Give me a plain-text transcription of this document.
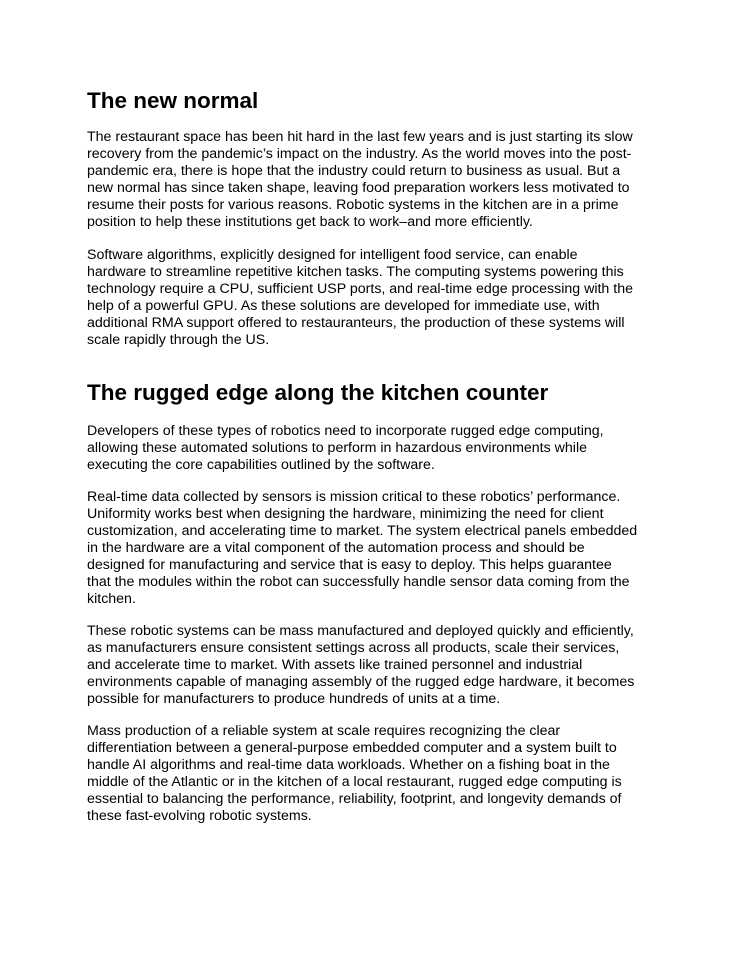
The new normal

The restaurant space has been hit hard in the last few years and is just starting its slow
recovery from the pandemic’s impact on the industry. As the world moves into the post-
pandemic era, there is hope that the industry could return to business as usual. But a
new normal has since taken shape, leaving food preparation workers less motivated to
resume their posts for various reasons. Robotic systems in the kitchen are in a prime
position to help these institutions get back to work–and more efficiently.

Software algorithms, explicitly designed for intelligent food service, can enable
hardware to streamline repetitive kitchen tasks. The computing systems powering this
technology require a CPU, sufficient USP ports, and real-time edge processing with the
help of a powerful GPU. As these solutions are developed for immediate use, with
additional RMA support offered to restauranteurs, the production of these systems will
scale rapidly through the US.

The rugged edge along the kitchen counter

Developers of these types of robotics need to incorporate rugged edge computing,
allowing these automated solutions to perform in hazardous environments while
executing the core capabilities outlined by the software.

Real-time data collected by sensors is mission critical to these robotics’ performance.
Uniformity works best when designing the hardware, minimizing the need for client
customization, and accelerating time to market. The system electrical panels embedded
in the hardware are a vital component of the automation process and should be
designed for manufacturing and service that is easy to deploy. This helps guarantee
that the modules within the robot can successfully handle sensor data coming from the
kitchen.

These robotic systems can be mass manufactured and deployed quickly and efficiently,
as manufacturers ensure consistent settings across all products, scale their services,
and accelerate time to market. With assets like trained personnel and industrial
environments capable of managing assembly of the rugged edge hardware, it becomes
possible for manufacturers to produce hundreds of units at a time.

Mass production of a reliable system at scale requires recognizing the clear
differentiation between a general-purpose embedded computer and a system built to
handle AI algorithms and real-time data workloads. Whether on a fishing boat in the
middle of the Atlantic or in the kitchen of a local restaurant, rugged edge computing is
essential to balancing the performance, reliability, footprint, and longevity demands of
these fast-evolving robotic systems.
